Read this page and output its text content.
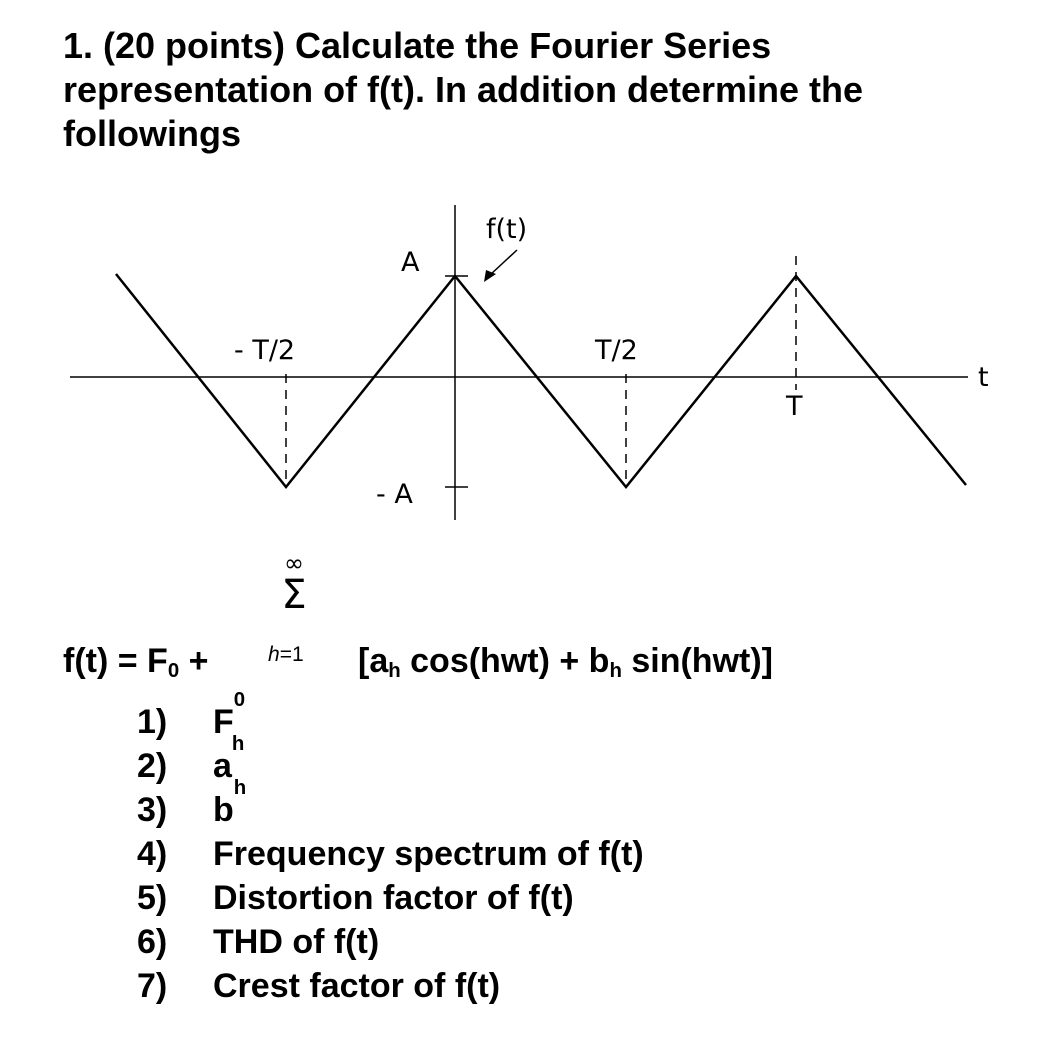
1. (20 points) Calculate the Fourier Series representation of f(t). In addition determine the followings

f(t)
A
- A
- T/2	T/2
T
t
∞
Σ
h=1
$f(t) = F_0$ +	[$a_h$ $\cos(hwt) + b_h$ sin(hwt)]
1)	F
0
2)	a
h
3)	b
h
4)	Frequency spectrum of f(t)
5)	Distortion factor of f(t)
6)	THD of f(t)
7)	Crest factor of f(t)
